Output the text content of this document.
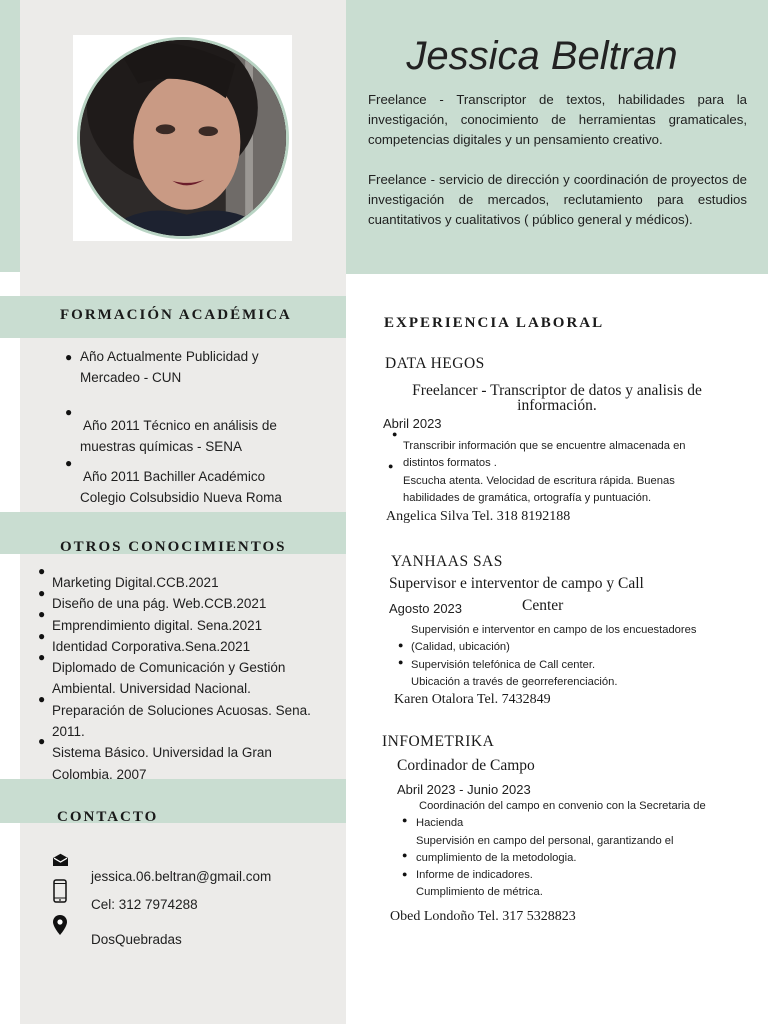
Jessica Beltran
Freelance - Transcriptor de textos, habilidades para la investigación, conocimiento de herramientas gramaticales, competencias digitales y un pensamiento creativo.
Freelance - servicio de dirección y coordinación de proyectos de investigación de mercados, reclutamiento para estudios cuantitativos y cualitativos ( público general y médicos).
FORMACIÓN ACADÉMICA
● Año Actualmente Publicidad y
Mercadeo - CUN
●
Año 2011 Técnico en análisis de
muestras químicas - SENA
●
Año 2011 Bachiller Académico
Colegio Colsubsidio Nueva Roma
OTROS CONOCIMIENTOS
●
●
●
●
●
●
●
Marketing Digital.CCB.2021
Diseño de una pág. Web.CCB.2021
Emprendimiento digital. Sena.2021
Identidad Corporativa.Sena.2021
Diplomado de Comunicación y Gestión
Ambiental. Universidad Nacional.
Preparación de Soluciones Acuosas. Sena.
2011.
Sistema Básico. Universidad la Gran
Colombia. 2007
CONTACTO
jessica.06.beltran@gmail.com
Cel: 312 7974288
DosQuebradas
EXPERIENCIA LABORAL
DATA HEGOS
Freelancer - Transcriptor de datos y analisis de
información.
Abril 2023
●
●
Transcribir información que se encuentre almacenada en
distintos formatos .
Escucha atenta. Velocidad de escritura rápida. Buenas
habilidades de gramática, ortografía y puntuación.
Angelica Silva Tel. 318 8192188
YANHAAS SAS
Supervisor e interventor de campo y Call
Agosto 2023	Center
●
●
Supervisión e interventor en campo de los encuestadores
(Calidad, ubicación)
Supervisión telefónica de Call center.
Ubicación a través de georreferenciación.
Karen Otalora Tel. 7432849
INFOMETRIKA
Cordinador de Campo
Abril 2023 - Junio 2023
●
●
●
Coordinación del campo en convenio con la Secretaria de
Hacienda
Supervisión en campo del personal, garantizando el
cumplimiento de la metodologia.
Informe de indicadores.
Cumplimiento de métrica.
Obed Londoño Tel. 317 5328823
